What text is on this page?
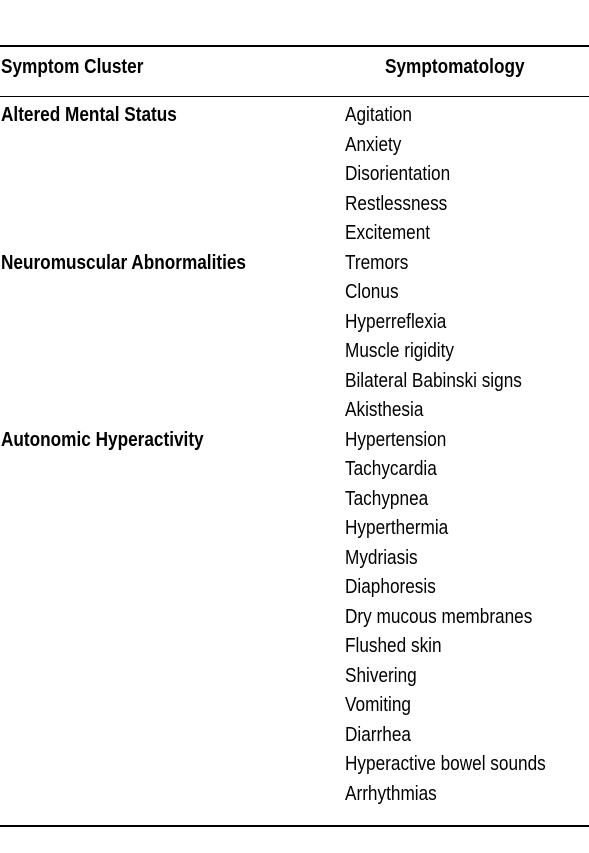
Symptom Cluster	Symptomatology
Altered Mental Status	Agitation
Anxiety
Disorientation
Restlessness
Excitement
Neuromuscular Abnormalities	Tremors
Clonus
Hyperreflexia
Muscle rigidity
Bilateral Babinski signs
Akisthesia
Autonomic Hyperactivity	Hypertension
Tachycardia
Tachypnea
Hyperthermia
Mydriasis
Diaphoresis
Dry mucous membranes
Flushed skin
Shivering
Vomiting
Diarrhea
Hyperactive bowel sounds
Arrhythmias
